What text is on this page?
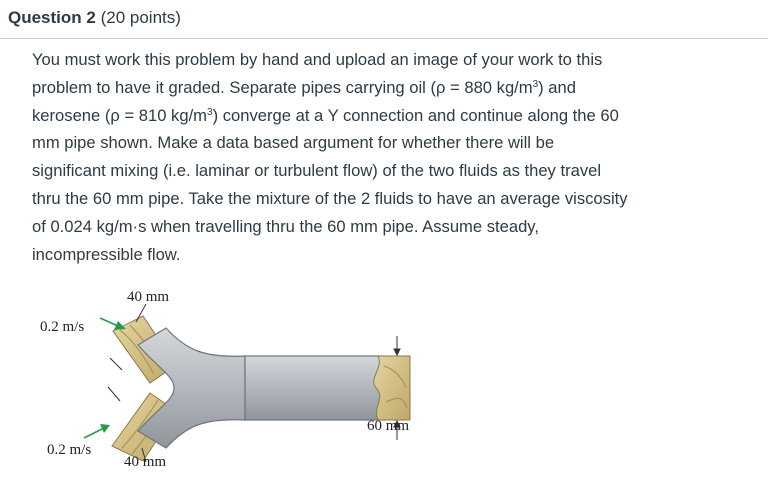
Question 2 (20 points)
You must work this problem by hand and upload an image of your work to this
problem to have it graded. Separate pipes carrying oil (ρ = 880 $kg/m^3$) and
kerosene (ρ = 810 $kg/m^3$) converge at a Y connection and continue along the 60
mm pipe shown. Make a data based argument for whether there will be
significant mixing (i.e. laminar or turbulent flow) of the two fluids as they travel
thru the 60 mm pipe. Take the mixture of the 2 fluids to have an average viscosity
of 0.024 kg/m·s when travelling thru the 60 mm pipe. Assume steady,
incompressible flow.
40 mm
0.2 m/s
0.2 m/s
40 mm
60 mm
